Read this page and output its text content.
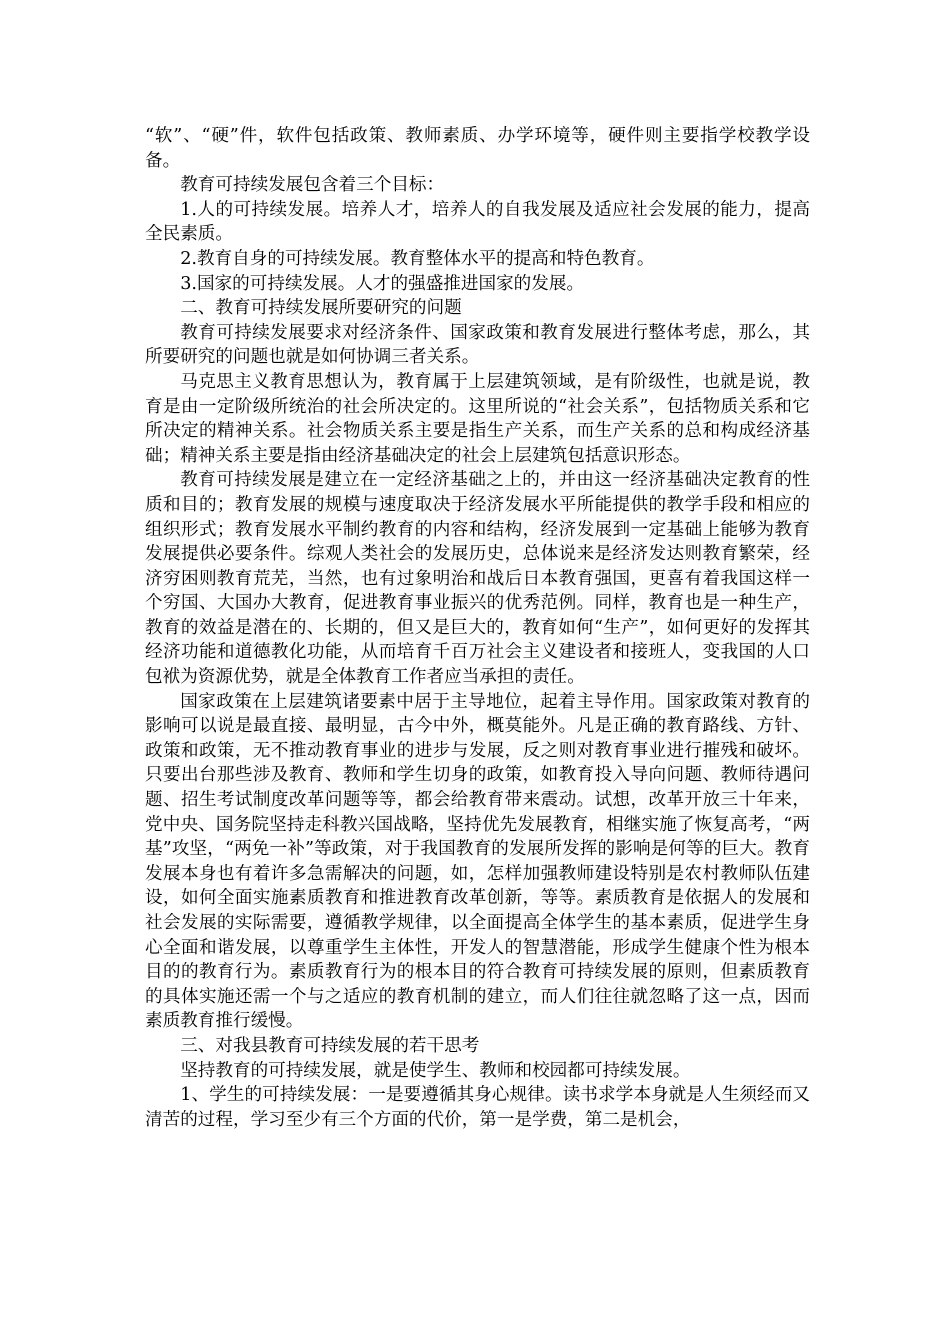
“软”、“硬”件，软件包括政策、教师素质、办学环境等，硬件则主要指学校教学设备。

教育可持续发展包含着三个目标：

1.人的可持续发展。培养人才，培养人的自我发展及适应社会发展的能力，提高全民素质。

2.教育自身的可持续发展。教育整体水平的提高和特色教育。

3.国家的可持续发展。人才的强盛推进国家的发展。

二、教育可持续发展所要研究的问题

教育可持续发展要求对经济条件、国家政策和教育发展进行整体考虑，那么，其所要研究的问题也就是如何协调三者关系。

马克思主义教育思想认为，教育属于上层建筑领域，是有阶级性，也就是说，教育是由一定阶级所统治的社会所决定的。这里所说的“社会关系”，包括物质关系和它所决定的精神关系。社会物质关系主要是指生产关系，而生产关系的总和构成经济基础；精神关系主要是指由经济基础决定的社会上层建筑包括意识形态。

教育可持续发展是建立在一定经济基础之上的，并由这一经济基础决定教育的性质和目的；教育发展的规模与速度取决于经济发展水平所能提供的教学手段和相应的组织形式；教育发展水平制约教育的内容和结构，经济发展到一定基础上能够为教育发展提供必要条件。综观人类社会的发展历史，总体说来是经济发达则教育繁荣，经济穷困则教育荒芜，当然，也有过象明治和战后日本教育强国，更喜有着我国这样一个穷国、大国办大教育，促进教育事业振兴的优秀范例。同样，教育也是一种生产，教育的效益是潜在的、长期的，但又是巨大的，教育如何“生产”，如何更好的发挥其经济功能和道德教化功能，从而培育千百万社会主义建设者和接班人，变我国的人口包袱为资源优势，就是全体教育工作者应当承担的责任。

国家政策在上层建筑诸要素中居于主导地位，起着主导作用。国家政策对教育的影响可以说是最直接、最明显，古今中外，概莫能外。凡是正确的教育路线、方针、政策和政策，无不推动教育事业的进步与发展，反之则对教育事业进行摧残和破坏。只要出台那些涉及教育、教师和学生切身的政策，如教育投入导向问题、教师待遇问题、招生考试制度改革问题等等，都会给教育带来震动。试想，改革开放三十年来，党中央、国务院坚持走科教兴国战略，坚持优先发展教育，相继实施了恢复高考，“两基”攻坚，“两免一补”等政策，对于我国教育的发展所发挥的影响是何等的巨大。教育发展本身也有着许多急需解决的问题，如，怎样加强教师建设特别是农村教师队伍建设，如何全面实施素质教育和推进教育改革创新，等等。素质教育是依据人的发展和社会发展的实际需要，遵循教学规律，以全面提高全体学生的基本素质，促进学生身心全面和谐发展，以尊重学生主体性，开发人的智慧潜能，形成学生健康个性为根本目的的教育行为。素质教育行为的根本目的符合教育可持续发展的原则，但素质教育的具体实施还需一个与之适应的教育机制的建立，而人们往往就忽略了这一点，因而素质教育推行缓慢。

三、对我县教育可持续发展的若干思考

坚持教育的可持续发展，就是使学生、教师和校园都可持续发展。

1、学生的可持续发展：一是要遵循其身心规律。读书求学本身就是人生须经而又清苦的过程，学习至少有三个方面的代价，第一是学费，第二是机会，
